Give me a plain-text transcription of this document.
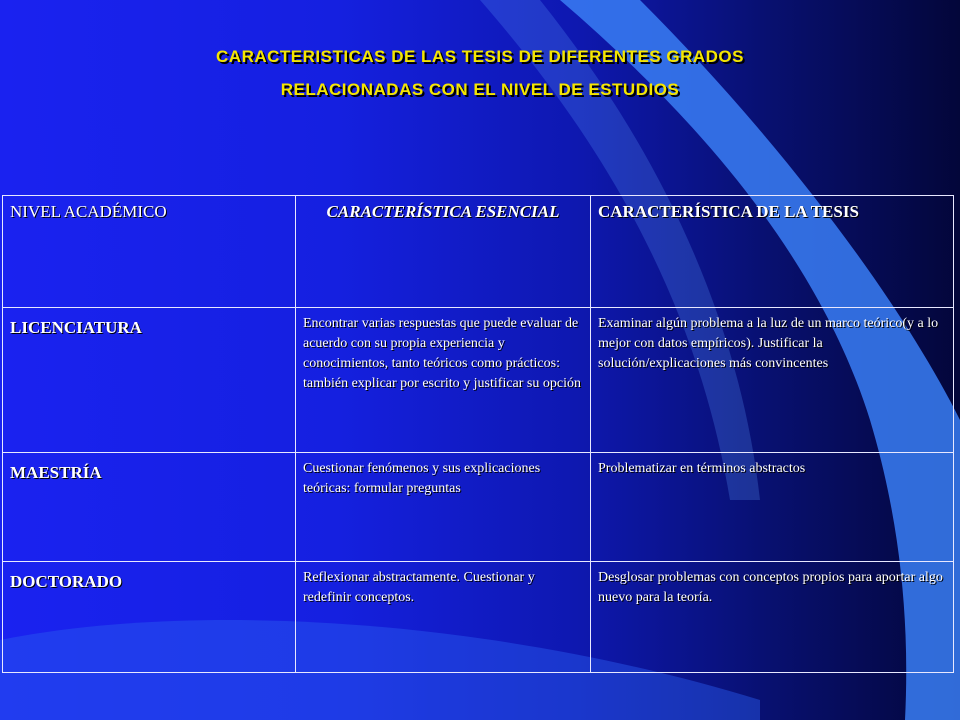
CARACTERISTICAS DE LAS TESIS DE DIFERENTES GRADOS
RELACIONADAS CON EL NIVEL DE ESTUDIOS
NIVEL ACADÉMICO	CARACTERÍSTICA ESENCIAL	CARACTERÍSTICA DE LA TESIS
LICENCIATURA	Encontrar varias respuestas que puede evaluar de acuerdo con su propia experiencia y conocimientos, tanto teóricos como prácticos: también explicar por escrito y justificar su opción	Examinar algún problema a la luz de un marco teórico(y a lo mejor con datos empíricos). Justificar la solución/explicaciones más convincentes
MAESTRÍA	Cuestionar fenómenos y sus explicaciones teóricas: formular preguntas	Problematizar en términos abstractos
DOCTORADO	Reflexionar abstractamente. Cuestionar y redefinir conceptos.	Desglosar problemas con conceptos propios para aportar algo nuevo para la teoría.
